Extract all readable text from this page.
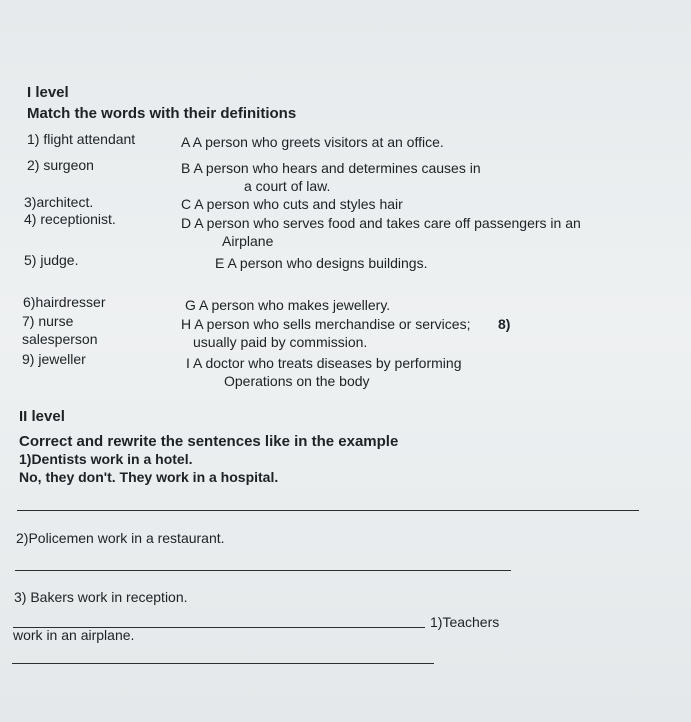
I level
Match the words with their definitions
1) flight attendant
2) surgeon
3)architect.
4) receptionist.
5) judge.
6)hairdresser
7) nurse
salesperson
9) jeweller
A A person who greets visitors at an office.
B A person who hears and determines causes in
a court of law.
C A person who cuts and styles hair
D A person who serves food and takes care off passengers in an
Airplane
E A person who designs buildings.
G A person who makes jewellery.
H A person who sells merchandise or services; 8)
usually paid by commission.
I A doctor who treats diseases by performing
Operations on the body
II level
Correct and rewrite the sentences like in the example
1)Dentists work in a hotel.
No, they don't. They work in a hospital.
2)Policemen work in a restaurant.
3) Bakers work in reception.
1)Teachers
work in an airplane.
